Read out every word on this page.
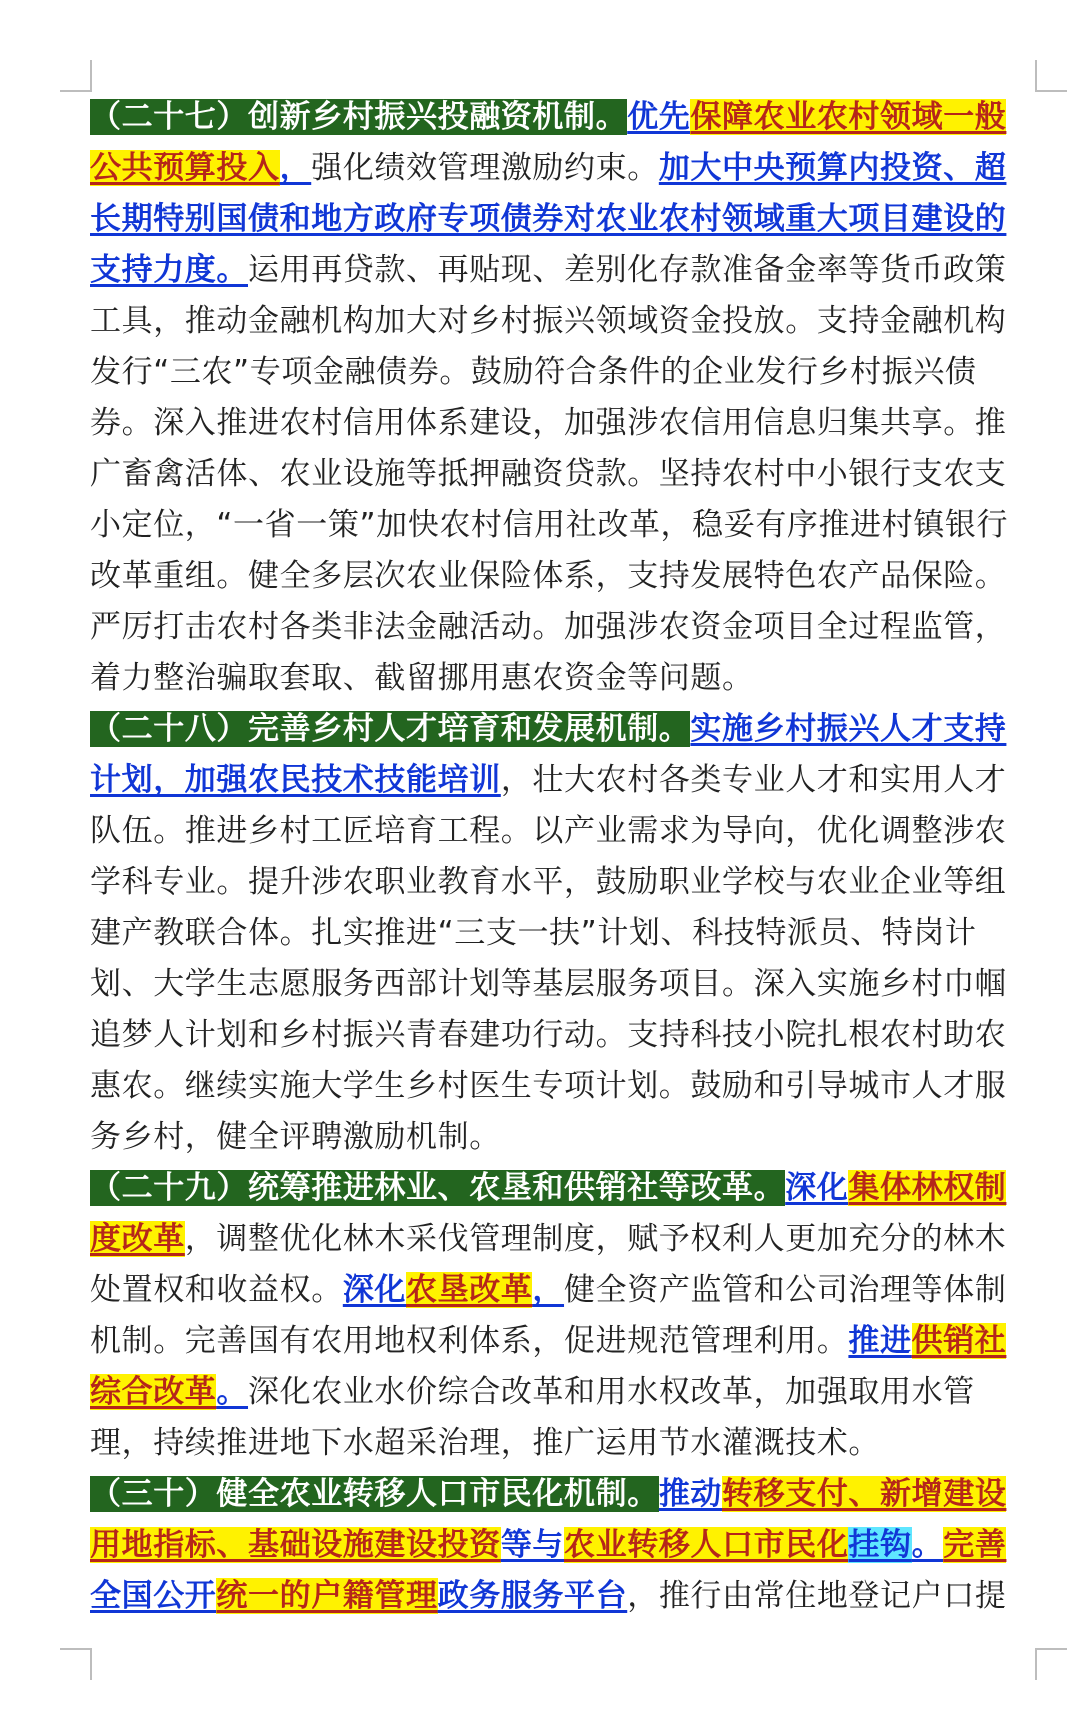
（二十七）创新乡村振兴投融资机制。优先保障农业农村领域一般公共预算投入，强化绩效管理激励约束。加大中央预算内投资、超长期特别国债和地方政府专项债券对农业农村领域重大项目建设的支持力度。运用再贷款、再贴现、差别化存款准备金率等货币政策工具，推动金融机构加大对乡村振兴领域资金投放。支持金融机构发行“三农”专项金融债券。鼓励符合条件的企业发行乡村振兴债券。深入推进农村信用体系建设，加强涉农信用信息归集共享。推广畜禽活体、农业设施等抵押融资贷款。坚持农村中小银行支农支小定位，“一省一策”加快农村信用社改革，稳妥有序推进村镇银行改革重组。健全多层次农业保险体系，支持发展特色农产品保险。严厉打击农村各类非法金融活动。加强涉农资金项目全过程监管，着力整治骗取套取、截留挪用惠农资金等问题。

（二十八）完善乡村人才培育和发展机制。实施乡村振兴人才支持计划，加强农民技术技能培训，壮大农村各类专业人才和实用人才队伍。推进乡村工匠培育工程。以产业需求为导向，优化调整涉农学科专业。提升涉农职业教育水平，鼓励职业学校与农业企业等组建产教联合体。扎实推进“三支一扶”计划、科技特派员、特岗计划、大学生志愿服务西部计划等基层服务项目。深入实施乡村巾帼追梦人计划和乡村振兴青春建功行动。支持科技小院扎根农村助农惠农。继续实施大学生乡村医生专项计划。鼓励和引导城市人才服务乡村，健全评聘激励机制。

（二十九）统筹推进林业、农垦和供销社等改革。深化集体林权制度改革，调整优化林木采伐管理制度，赋予权利人更加充分的林木处置权和收益权。深化农垦改革，健全资产监管和公司治理等体制机制。完善国有农用地权利体系，促进规范管理利用。推进供销社综合改革。深化农业水价综合改革和用水权改革，加强取用水管理，持续推进地下水超采治理，推广运用节水灌溉技术。

（三十）健全农业转移人口市民化机制。推动转移支付、新增建设用地指标、基础设施建设投资等与农业转移人口市民化挂钩。完善全国公开统一的户籍管理政务服务平台，推行由常住地登记户口提
